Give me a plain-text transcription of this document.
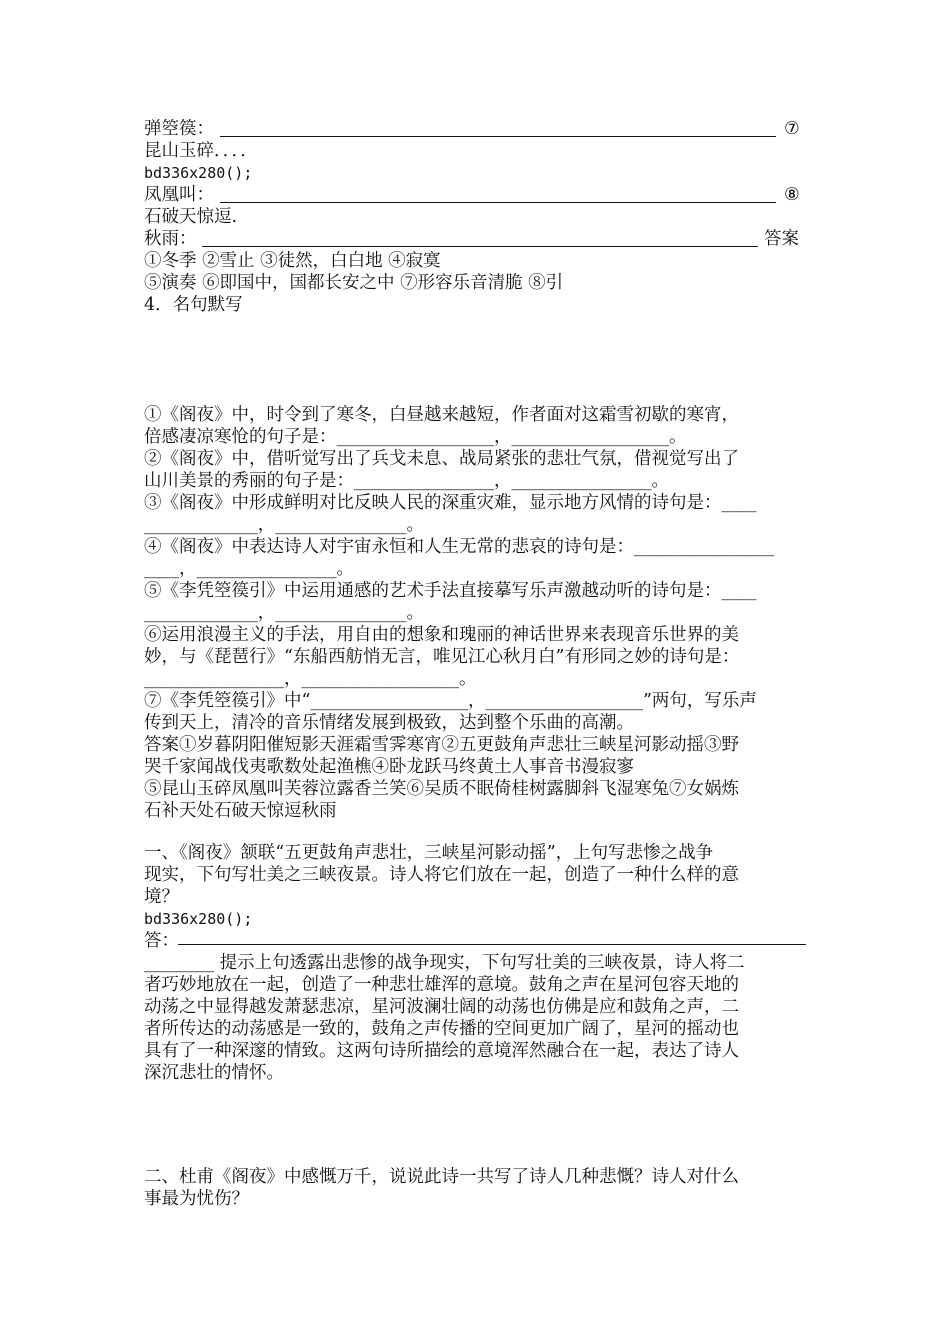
弹箜篌：	⑦
昆山玉碎．．．．
bd336x280();
凤凰叫：	⑧
石破天惊逗.
秋雨：	答案
①冬季 ②雪止 ③徒然，白白地 ④寂寞
⑤演奏 ⑥即国中，国都长安之中 ⑦形容乐音清脆 ⑧引
4．名句默写
①《阁夜》中，时令到了寒冬，白昼越来越短，作者面对这霜雪初歇的寒宵，
倍感凄凉寒怆的句子是：__________________，__________________。
②《阁夜》中，借听觉写出了兵戈未息、战局紧张的悲壮气氛，借视觉写出了
山川美景的秀丽的句子是：________________，________________。
③《阁夜》中形成鲜明对比反映人民的深重灾难，显示地方风情的诗句是：____
_____________，_______________。
④《阁夜》中表达诗人对宇宙永恒和人生无常的悲哀的诗句是：________________
____，________________。
⑤《李凭箜篌引》中运用通感的艺术手法直接摹写乐声激越动听的诗句是：____
_____________，_______________。
⑥运用浪漫主义的手法，用自由的想象和瑰丽的神话世界来表现音乐世界的美
妙，与《琵琶行》“东船西舫悄无言，唯见江心秋月白”有形同之妙的诗句是：
________________，__________________。
⑦《李凭箜篌引》中“__________________，__________________”两句，写乐声
传到天上，清冷的音乐情绪发展到极致，达到整个乐曲的高潮。
答案①岁暮阴阳催短影天涯霜雪霁寒宵②五更鼓角声悲壮三峡星河影动摇③野
哭千家闻战伐夷歌数处起渔樵④卧龙跃马终黄土人事音书漫寂寥
⑤昆山玉碎凤凰叫芙蓉泣露香兰笑⑥吴质不眠倚桂树露脚斜飞湿寒兔⑦女娲炼
石补天处石破天惊逗秋雨
一、《阁夜》颔联“五更鼓角声悲壮，三峡星河影动摇”，上句写悲惨之战争
现实，下句写壮美之三峡夜景。诗人将它们放在一起，创造了一种什么样的意
境？
bd336x280();
答：
________ 提示上句透露出悲惨的战争现实，下句写壮美的三峡夜景，诗人将二
者巧妙地放在一起，创造了一种悲壮雄浑的意境。鼓角之声在星河包容天地的
动荡之中显得越发萧瑟悲凉，星河波澜壮阔的动荡也仿佛是应和鼓角之声，二
者所传达的动荡感是一致的，鼓角之声传播的空间更加广阔了，星河的摇动也
具有了一种深邃的情致。这两句诗所描绘的意境浑然融合在一起，表达了诗人
深沉悲壮的情怀。
二、杜甫《阁夜》中感慨万千，说说此诗一共写了诗人几种悲慨？诗人对什么
事最为忧伤？
